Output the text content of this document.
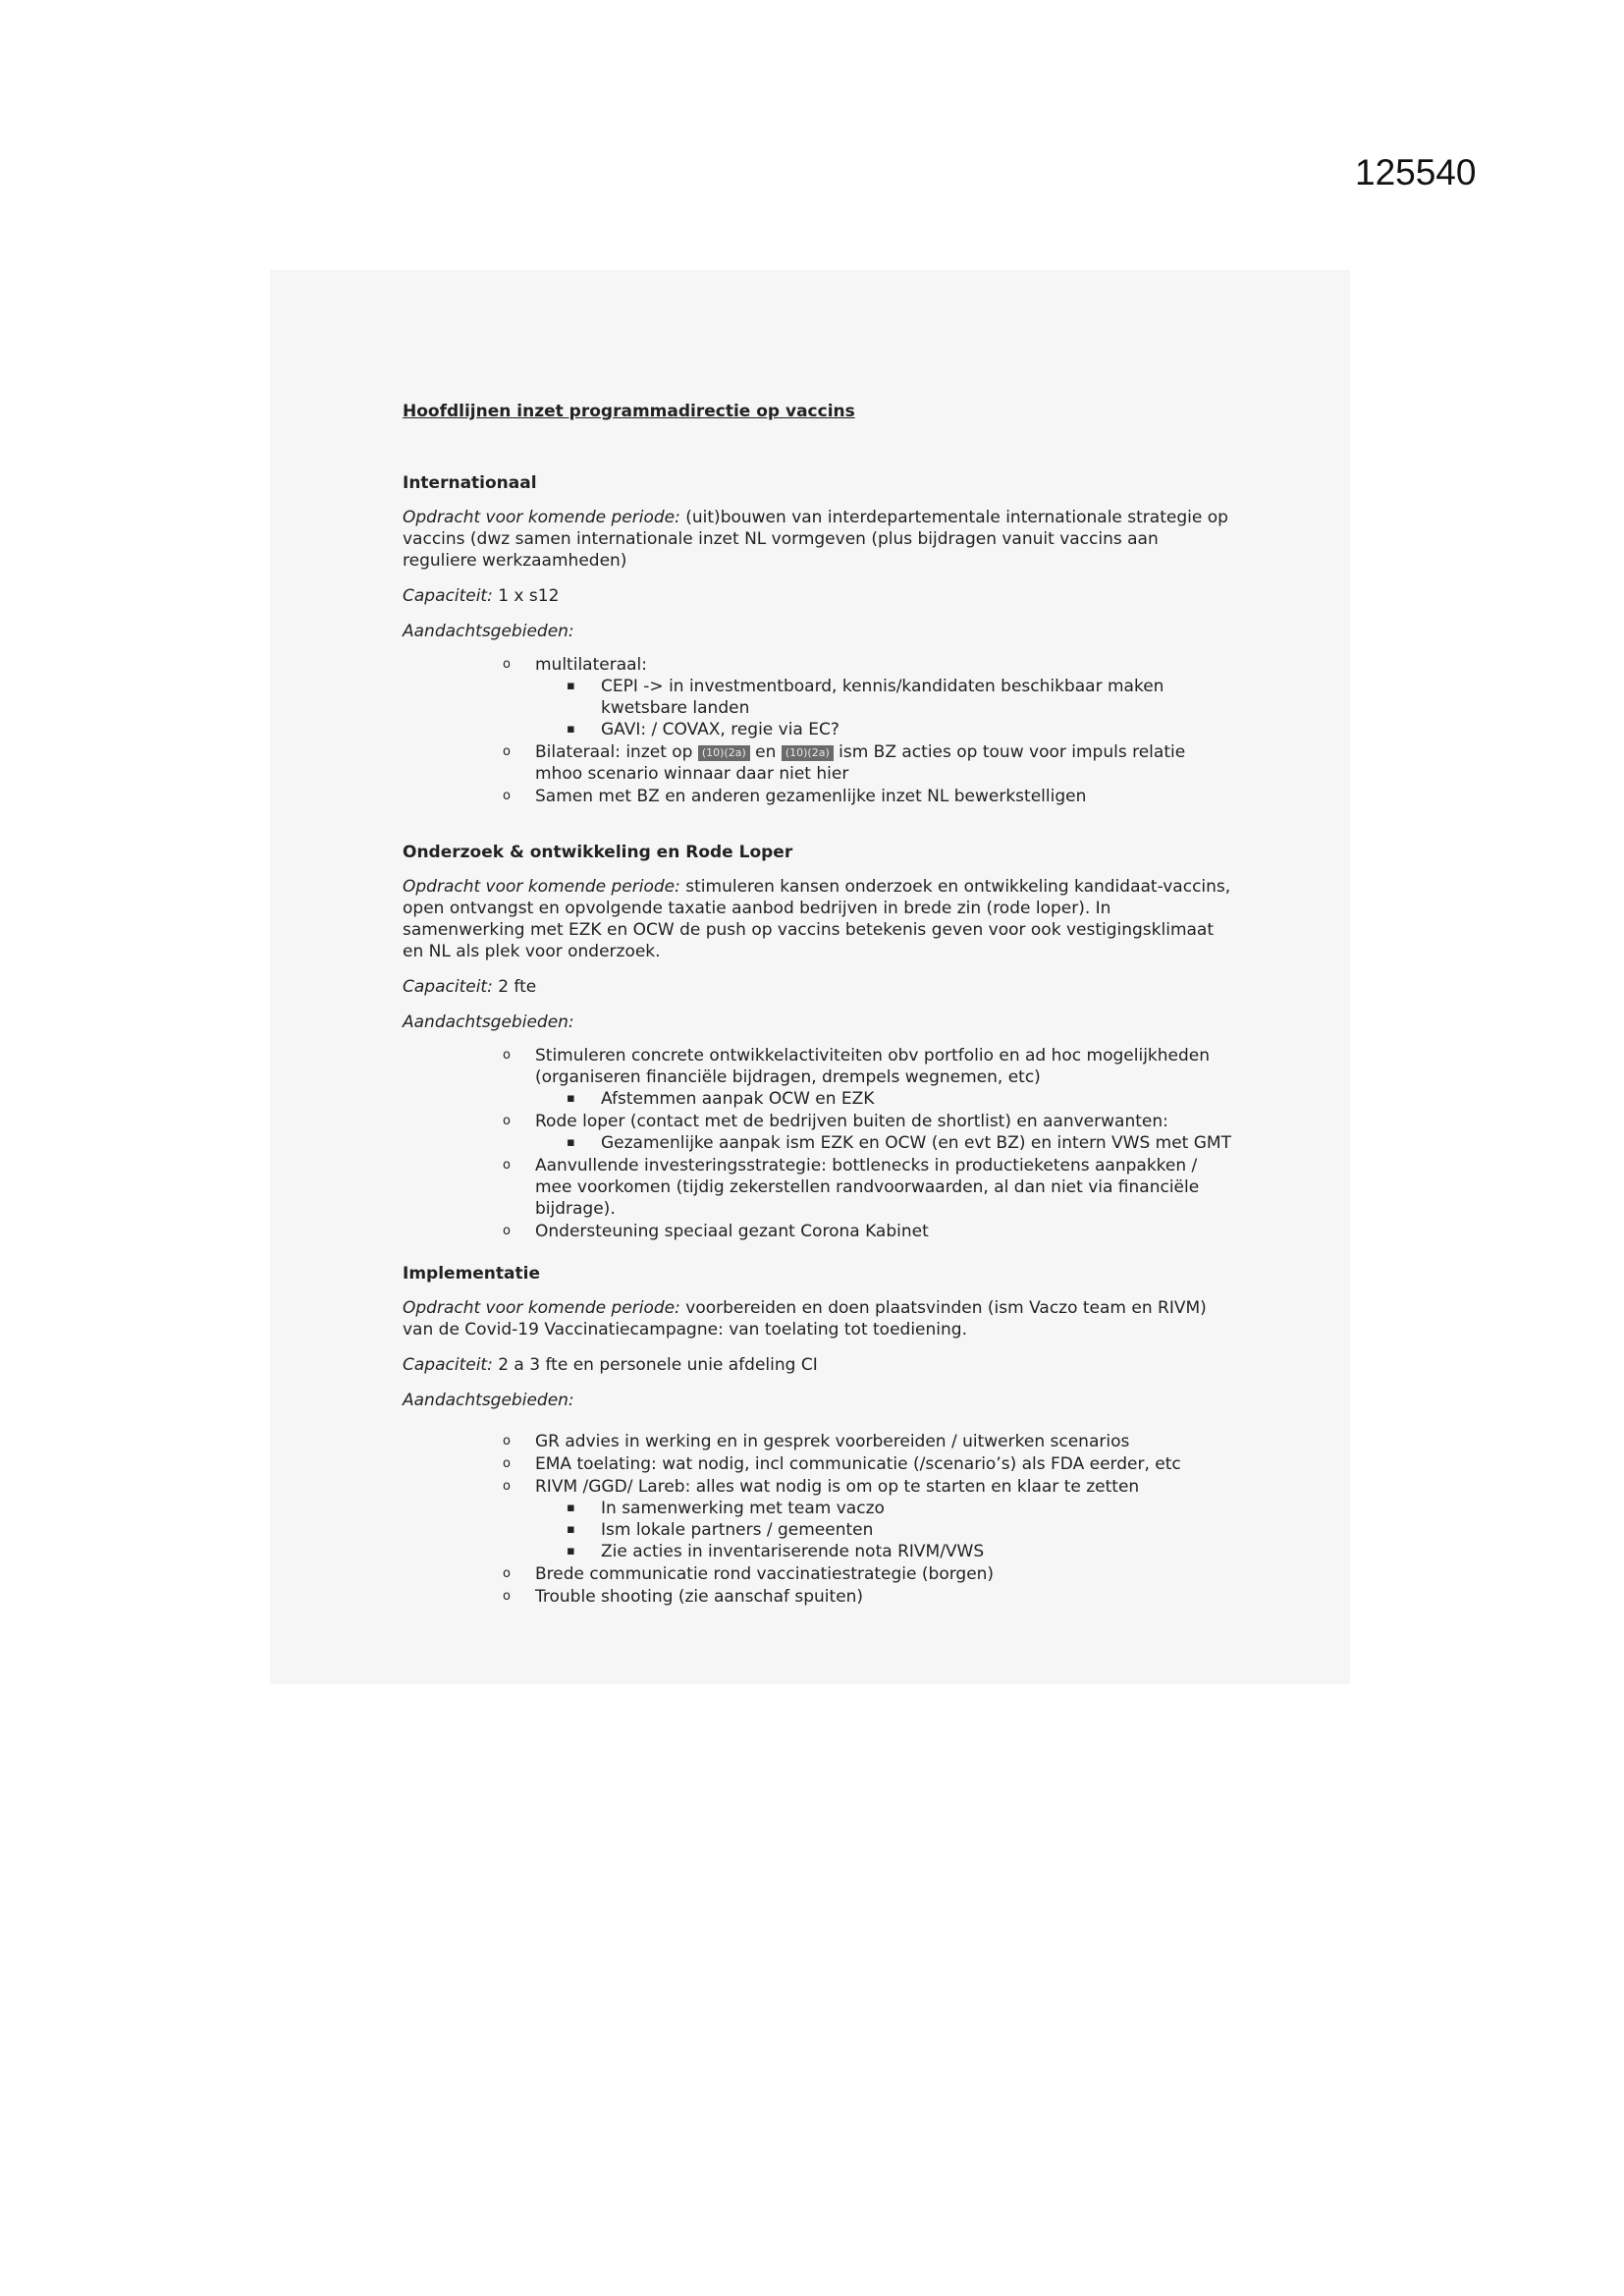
125540
Hoofdlijnen inzet programmadirectie op vaccins
Internationaal

Opdracht voor komende periode: (uit)bouwen van interdepartementale internationale strategie op vaccins (dwz samen internationale inzet NL vormgeven (plus bijdragen vanuit vaccins aan reguliere werkzaamheden)

Capaciteit: 1 x s12

Aandachtsgebieden:
o multilateraal:
▪ CEPI -> in investmentboard, kennis/kandidaten beschikbaar maken kwetsbare landen
▪ GAVI: / COVAX, regie via EC?
o Bilateraal: inzet op (10)(2a) en (10)(2a) ism BZ acties op touw voor impuls relatie mhoo scenario winnaar daar niet hier
o Samen met BZ en anderen gezamenlijke inzet NL bewerkstelligen
Onderzoek & ontwikkeling en Rode Loper

Opdracht voor komende periode: stimuleren kansen onderzoek en ontwikkeling kandidaat-vaccins, open ontvangst en opvolgende taxatie aanbod bedrijven in brede zin (rode loper). In samenwerking met EZK en OCW de push op vaccins betekenis geven voor ook vestigingsklimaat en NL als plek voor onderzoek.

Capaciteit: 2 fte

Aandachtsgebieden:
o Stimuleren concrete ontwikkelactiviteiten obv portfolio en ad hoc mogelijkheden (organiseren financiële bijdragen, drempels wegnemen, etc)
▪ Afstemmen aanpak OCW en EZK
o Rode loper (contact met de bedrijven buiten de shortlist) en aanverwanten:
▪ Gezamenlijke aanpak ism EZK en OCW (en evt BZ) en intern VWS met GMT
o Aanvullende investeringsstrategie: bottlenecks in productieketens aanpakken / mee voorkomen (tijdig zekerstellen randvoorwaarden, al dan niet via financiële bijdrage).
o Ondersteuning speciaal gezant Corona Kabinet
Implementatie

Opdracht voor komende periode: voorbereiden en doen plaatsvinden (ism Vaczo team en RIVM) van de Covid-19 Vaccinatiecampagne: van toelating tot toediening.

Capaciteit: 2 a 3 fte en personele unie afdeling CI

Aandachtsgebieden:
o GR advies in werking en in gesprek voorbereiden / uitwerken scenarios
o EMA toelating: wat nodig, incl communicatie (/scenario’s) als FDA eerder, etc
o RIVM /GGD/ Lareb: alles wat nodig is om op te starten en klaar te zetten
▪ In samenwerking met team vaczo
▪ Ism lokale partners / gemeenten
▪ Zie acties in inventariserende nota RIVM/VWS
o Brede communicatie rond vaccinatiestrategie (borgen)
o Trouble shooting (zie aanschaf spuiten)
